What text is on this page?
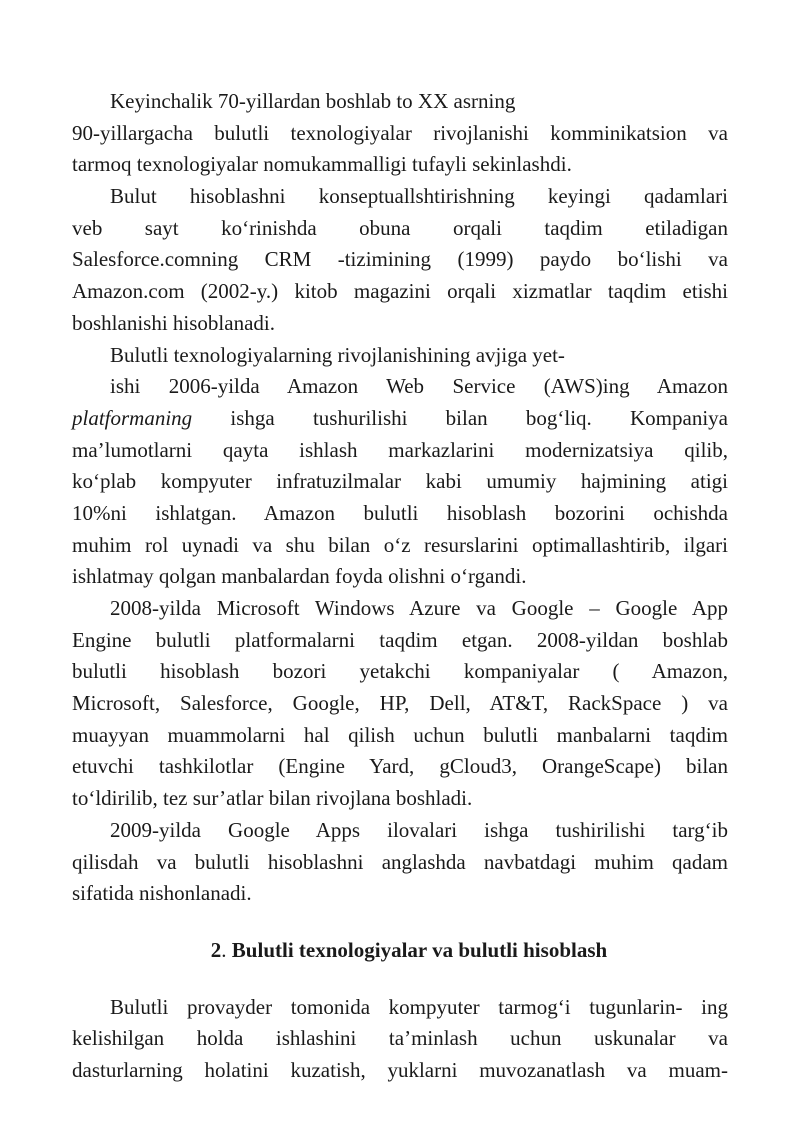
Keyinchalik 70-yillardan boshlab to XX asrning
90-yillargacha bulutli texnologiyalar rivojlanishi komminikatsion va
tarmoq texnologiyalar nomukammalligi tufayli sekinlashdi.
Bulut hisoblashni konseptuallshtirishning keyingi qadamlari
veb sayt ko‘rinishda obuna orqali taqdim etiladigan
Salesforce.comning CRM -tizimining (1999) paydo bo‘lishi va
Amazon.com (2002-y.) kitob magazini orqali xizmatlar taqdim etishi
boshlanishi hisoblanadi.
Bulutli texnologiyalarning rivojlanishining avjiga yet-
ishi 2006-yilda Amazon Web Service (AWS)ing Amazon
platformaning ishga tushurilishi bilan bog‘liq. Kompaniya
ma’lumotlarni qayta ishlash markazlarini modernizatsiya qilib,
ko‘plab kompyuter infratuzilmalar kabi umumiy hajmining atigi
10%ni ishlatgan. Amazon bulutli hisoblash bozorini ochishda
muhim rol uynadi va shu bilan o‘z resurslarini optimallashtirib, ilgari
ishlatmay qolgan manbalardan foyda olishni o‘rgandi.
2008-yilda Microsoft Windows Azure va Google – Google App
Engine bulutli platformalarni taqdim etgan. 2008-yildan boshlab
bulutli hisoblash bozori yetakchi kompaniyalar ( Amazon,
Microsoft, Salesforce, Google, HP, Dell, AT&T, RackSpace ) va
muayyan muammolarni hal qilish uchun bulutli manbalarni taqdim
etuvchi tashkilotlar (Engine Yard, gCloud3, OrangeScape) bilan
to‘ldirilib, tez sur’atlar bilan rivojlana boshladi.
2009-yilda Google Apps ilovalari ishga tushirilishi targ‘ib
qilisdah va bulutli hisoblashni anglashda navbatdagi muhim qadam
sifatida nishonlanadi.
2. Bulutli texnologiyalar va bulutli hisoblash
Bulutli provayder tomonida kompyuter tarmog‘i tugunlarin- ing
kelishilgan holda ishlashini ta’minlash uchun uskunalar va
dasturlarning holatini kuzatish, yuklarni muvozanatlash va muam-
